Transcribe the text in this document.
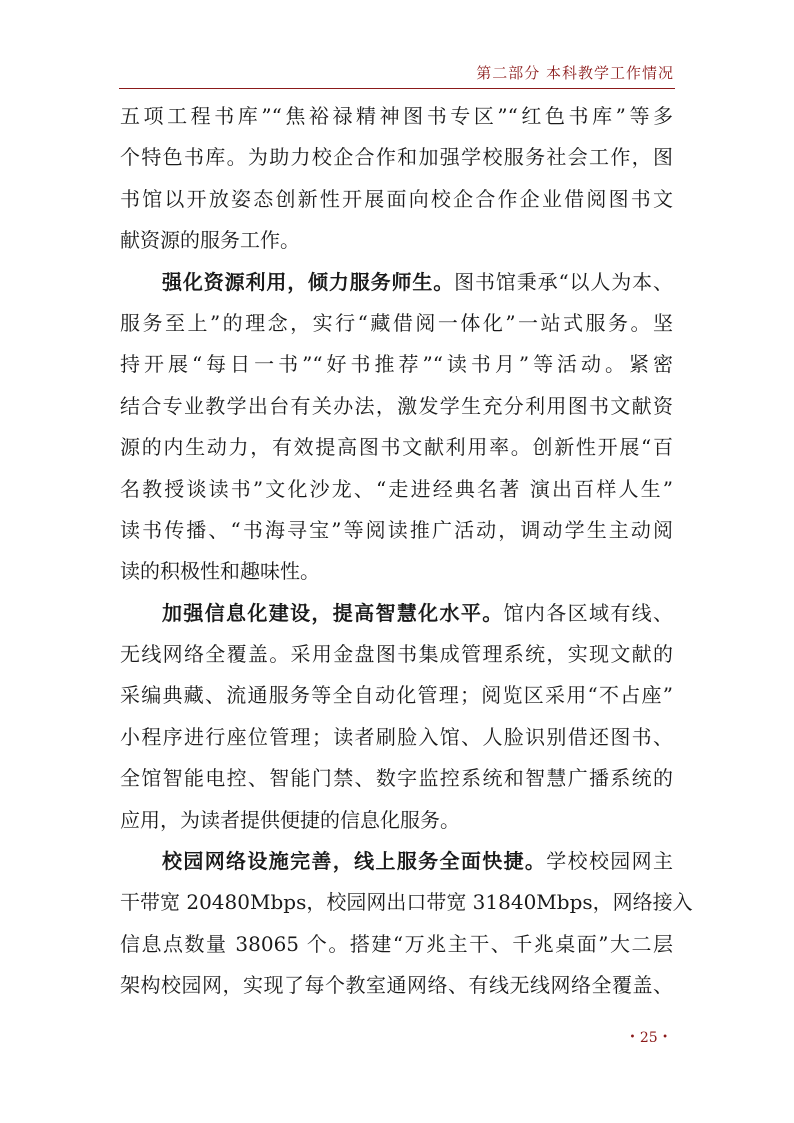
第二部分 本科教学工作情况
五项工程书库”“焦裕禄精神图书专区”“红色书库”等多
个特色书库。为助力校企合作和加强学校服务社会工作，图
书馆以开放姿态创新性开展面向校企合作企业借阅图书文
献资源的服务工作。
强化资源利用，倾力服务师生。图书馆秉承“以人为本、
服务至上”的理念，实行“藏借阅一体化”一站式服务。坚
持开展“每日一书”“好书推荐”“读书月”等活动。紧密
结合专业教学出台有关办法，激发学生充分利用图书文献资
源的内生动力，有效提高图书文献利用率。创新性开展“百
名教授谈读书”文化沙龙、“走进经典名著 演出百样人生”
读书传播、“书海寻宝”等阅读推广活动，调动学生主动阅
读的积极性和趣味性。
加强信息化建设，提高智慧化水平。馆内各区域有线、
无线网络全覆盖。采用金盘图书集成管理系统，实现文献的
采编典藏、流通服务等全自动化管理；阅览区采用“不占座”
小程序进行座位管理；读者刷脸入馆、人脸识别借还图书、
全馆智能电控、智能门禁、数字监控系统和智慧广播系统的
应用，为读者提供便捷的信息化服务。
校园网络设施完善，线上服务全面快捷。学校校园网主
干带宽 20480Mbps，校园网出口带宽 31840Mbps，网络接入
信息点数量 38065 个。搭建“万兆主干、千兆桌面”大二层
架构校园网，实现了每个教室通网络、有线无线网络全覆盖、
• 25 •
